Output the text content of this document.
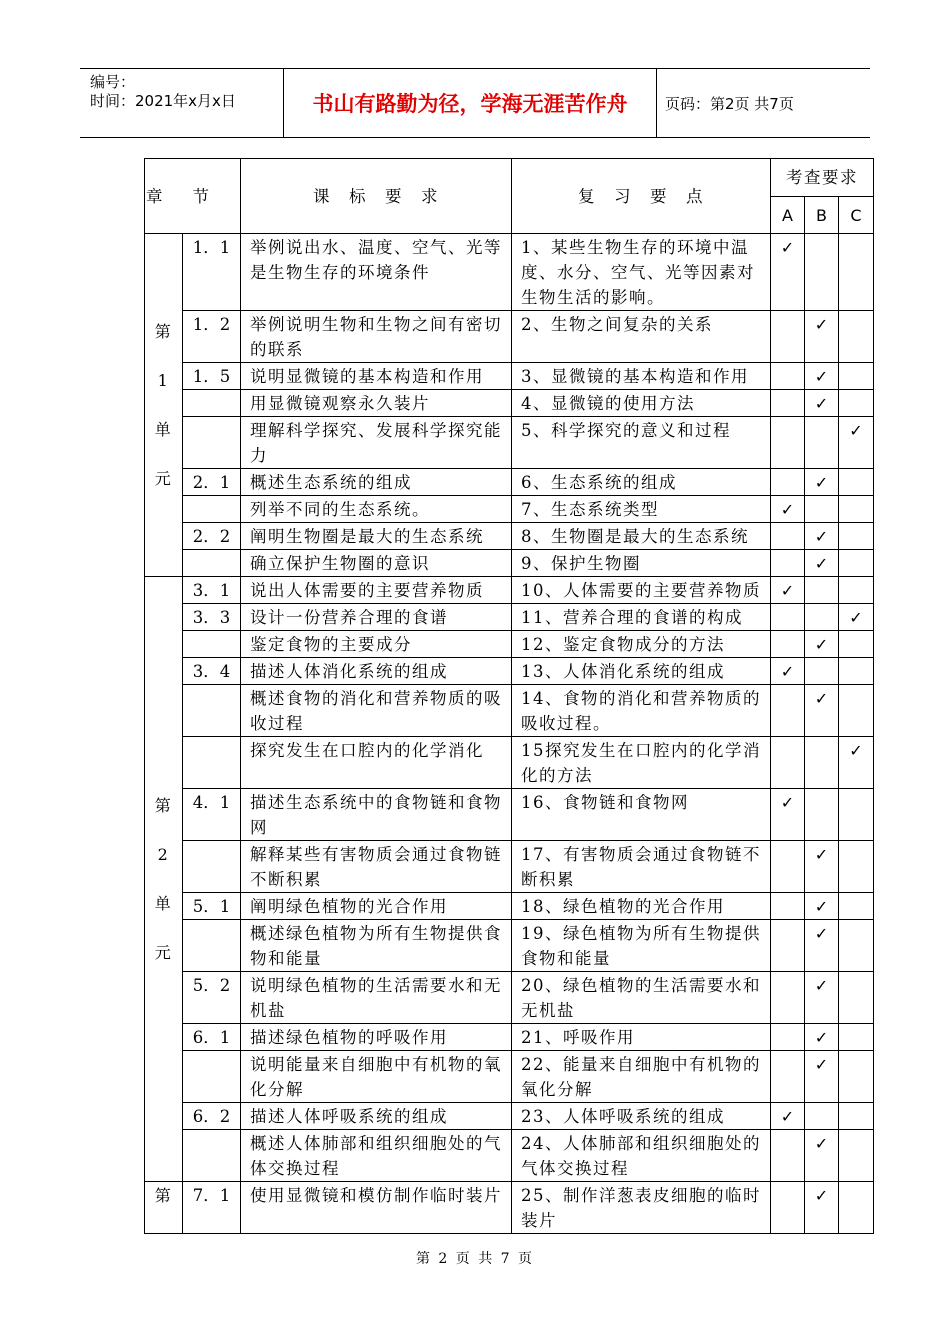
编号：
时间：2021年x月x日	书山有路勤为径，学海无涯苦作舟	页码：第2页 共7页
章节		课　标　要　求	复　习　要　点	考查要求		
				A	B	C

第
1
单
元	1．1	举例说出水、温度、空气、光等是生物生存的环境条件	1、某些生物生存的环境中温度、水分、空气、光等因素对生物生活的影响。	✓		
	1．2	举例说明生物和生物之间有密切的联系	2、生物之间复杂的关系		✓	
	1．5	说明显微镜的基本构造和作用	3、显微镜的基本构造和作用		✓	
		用显微镜观察永久装片	4、显微镜的使用方法		✓	
		理解科学探究、发展科学探究能力	5、科学探究的意义和过程			✓
	2．1	概述生态系统的组成	6、生态系统的组成		✓	
		列举不同的生态系统。	7、生态系统类型	✓		
	2．2	阐明生物圈是最大的生态系统	8、生物圈是最大的生态系统		✓	
		确立保护生物圈的意识	9、保护生物圈		✓	

第
2
单
元	3．1	说出人体需要的主要营养物质	10、人体需要的主要营养物质	✓		
	3．3	设计一份营养合理的食谱	11、营养合理的食谱的构成			✓
		鉴定食物的主要成分	12、鉴定食物成分的方法		✓	
	3．4	描述人体消化系统的组成	13、人体消化系统的组成	✓		
		概述食物的消化和营养物质的吸收过程	14、食物的消化和营养物质的吸收过程。		✓	
		探究发生在口腔内的化学消化	15探究发生在口腔内的化学消化的方法			✓
	4．1	描述生态系统中的食物链和食物网	16、食物链和食物网	✓		
		解释某些有害物质会通过食物链不断积累	17、有害物质会通过食物链不断积累		✓	
	5．1	阐明绿色植物的光合作用	18、绿色植物的光合作用		✓	
		概述绿色植物为所有生物提供食物和能量	19、绿色植物为所有生物提供食物和能量		✓	
	5．2	说明绿色植物的生活需要水和无机盐	20、绿色植物的生活需要水和无机盐		✓	
	6．1	描述绿色植物的呼吸作用	21、呼吸作用		✓	
		说明能量来自细胞中有机物的氧化分解	22、能量来自细胞中有机物的氧化分解		✓	
	6．2	描述人体呼吸系统的组成	23、人体呼吸系统的组成	✓		
		概述人体肺部和组织细胞处的气体交换过程	24、人体肺部和组织细胞处的气体交换过程		✓	

第	7．1	使用显微镜和模仿制作临时装片	25、制作洋葱表皮细胞的临时装片		✓	
第 2 页 共 7 页
